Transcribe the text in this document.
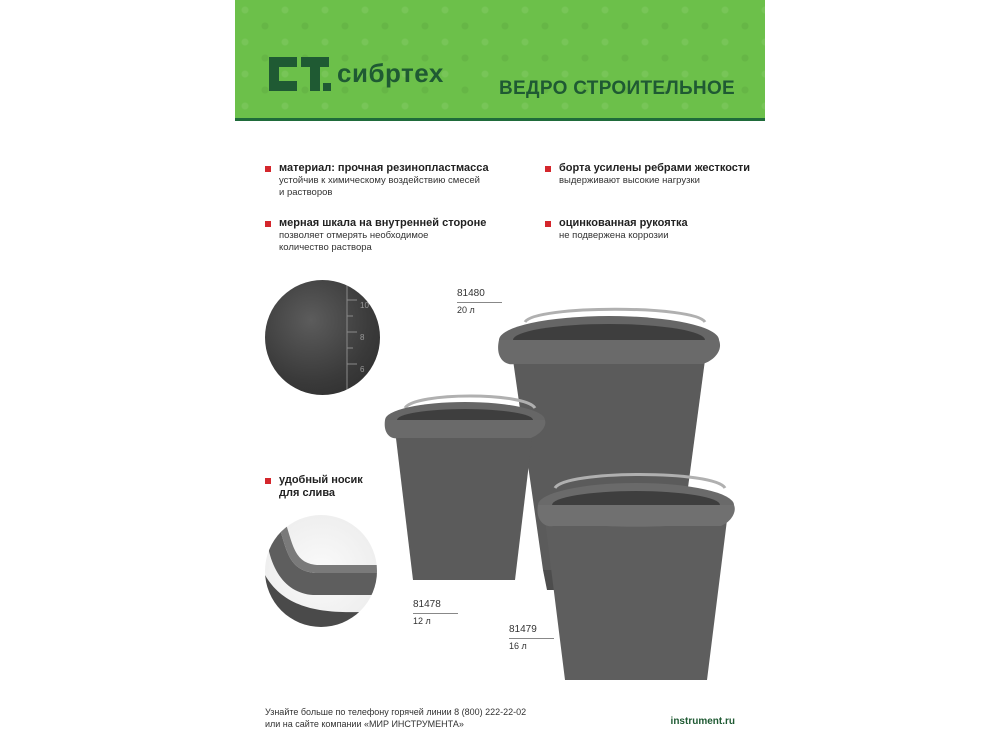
сибртех
ВЕДРО СТРОИТЕЛЬНОЕ
материал: прочная резинопластмасса
устойчив к химическому воздействию смесей
и растворов
борта усилены ребрами жесткости
выдерживают высокие нагрузки
мерная шкала на внутренней стороне
позволяет отмерять необходимое
количество раствора
оцинкованная рукоятка
не подвержена коррозии
удобный носик
для слива
10
8
6
81480
20 л
81478
12 л
81479
16 л
Узнайте больше по телефону горячей линии 8 (800) 222-22-02
или на сайте компании «МИР ИНСТРУМЕНТА»	instrument.ru
